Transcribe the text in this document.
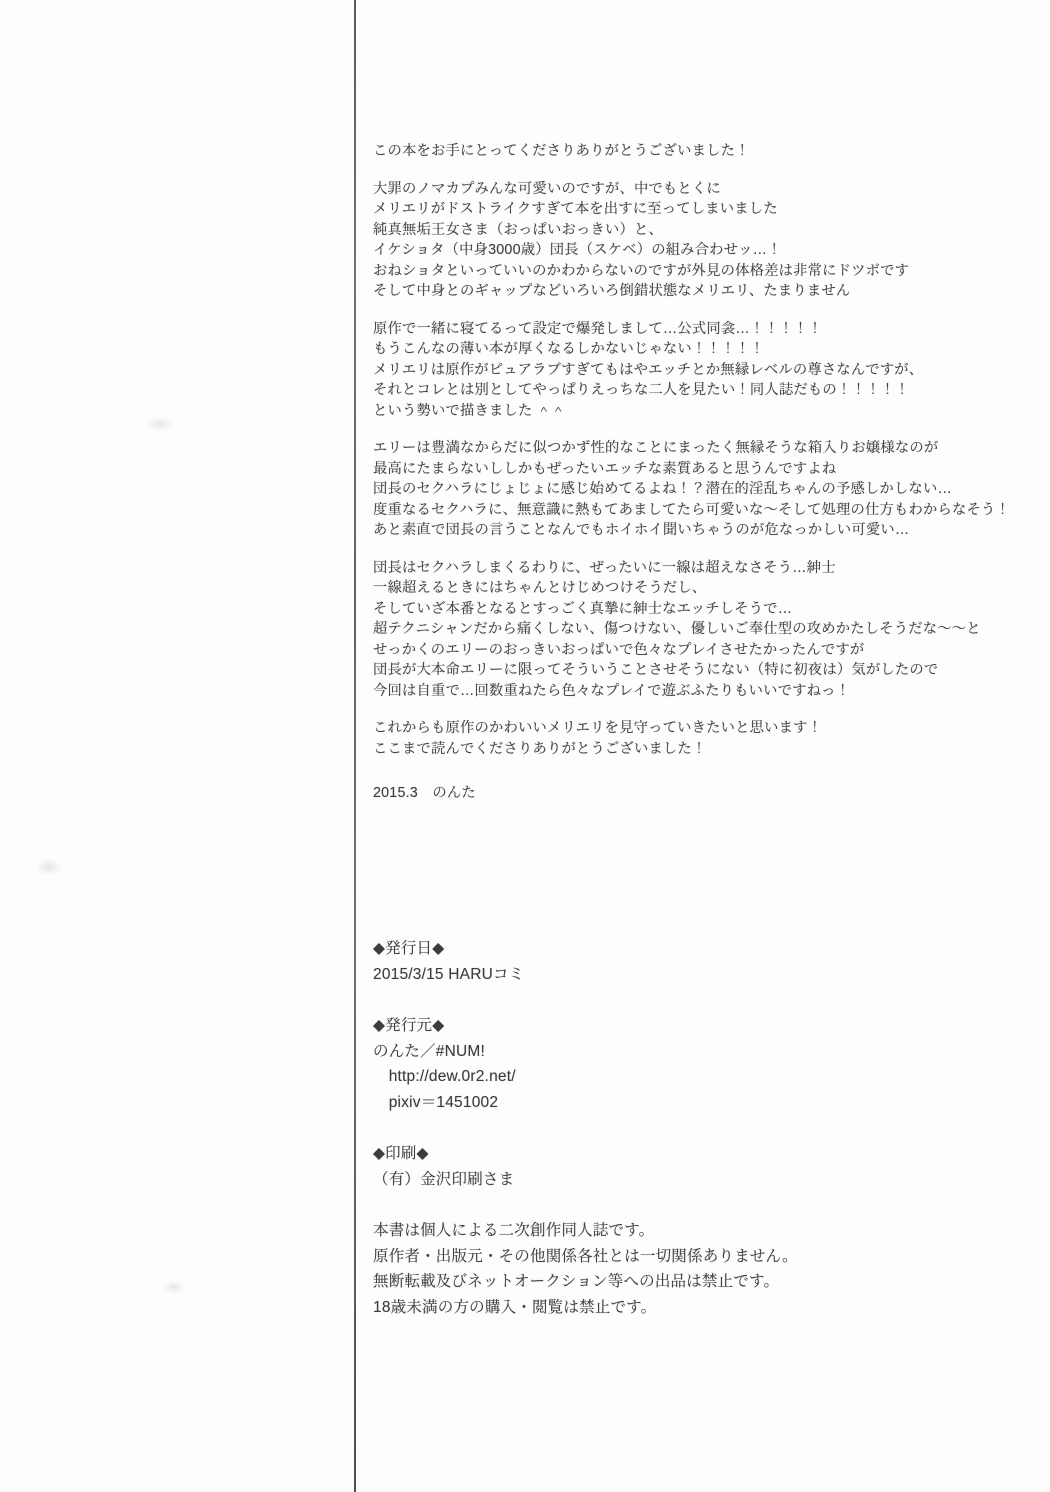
この本をお手にとってくださりありがとうございました！
大罪のノマカプみんな可愛いのですが、中でもとくに
メリエリがドストライクすぎて本を出すに至ってしまいました
純真無垢王女さま（おっぱいおっきい）と、
イケショタ（中身3000歳）団長（スケベ）の組み合わせッ…！
おねショタといっていいのかわからないのですが外見の体格差は非常にドツボです
そして中身とのギャップなどいろいろ倒錯状態なメリエリ、たまりません
原作で一緒に寝てるって設定で爆発しまして…公式同衾…！！！！！
もうこんなの薄い本が厚くなるしかないじゃない！！！！！
メリエリは原作がピュアラブすぎてもはやエッチとか無縁レベルの尊さなんですが、
それとコレとは別としてやっぱりえっちな二人を見たい！同人誌だもの！！！！！
という勢いで描きました ＾＾
エリーは豊満なからだに似つかず性的なことにまったく無縁そうな箱入りお嬢様なのが
最高にたまらないししかもぜったいエッチな素質あると思うんですよね
団長のセクハラにじょじょに感じ始めてるよね！？潜在的淫乱ちゃんの予感しかしない…
度重なるセクハラに、無意識に熱もてあましてたら可愛いな～そして処理の仕方もわからなそう！
あと素直で団長の言うことなんでもホイホイ聞いちゃうのが危なっかしい可愛い…
団長はセクハラしまくるわりに、ぜったいに一線は超えなさそう…紳士
一線超えるときにはちゃんとけじめつけそうだし、
そしていざ本番となるとすっごく真摯に紳士なエッチしそうで…
超テクニシャンだから痛くしない、傷つけない、優しいご奉仕型の攻めかたしそうだな～～と
せっかくのエリーのおっきいおっぱいで色々なプレイさせたかったんですが
団長が大本命エリーに限ってそういうことさせそうにない（特に初夜は）気がしたので
今回は自重で…回数重ねたら色々なプレイで遊ぶふたりもいいですねっ！
これからも原作のかわいいメリエリを見守っていきたいと思います！
ここまで読んでくださりありがとうございました！
2015.3　のんた
◆発行日◆
2015/3/15 HARUコミ
◆発行元◆
のんた／#NUM!
　http://dew.0r2.net/
　pixiv＝1451002
◆印刷◆
（有）金沢印刷さま
本書は個人による二次創作同人誌です。
原作者・出版元・その他関係各社とは一切関係ありません。
無断転載及びネットオークション等への出品は禁止です。
18歳未満の方の購入・閲覧は禁止です。
